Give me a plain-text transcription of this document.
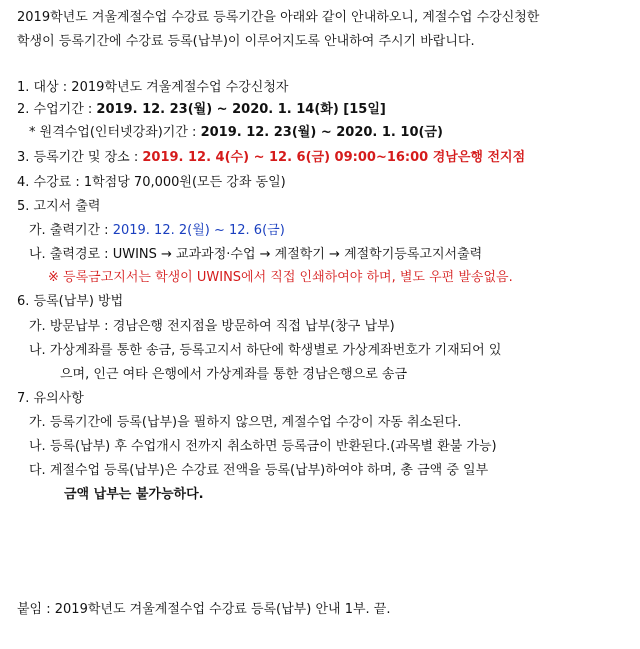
2019학년도 겨울계절수업 수강료 등록기간을 아래와 같이 안내하오니, 계절수업 수강신청한
학생이 등록기간에 수강료 등록(납부)이 이루어지도록 안내하여 주시기 바랍니다.
1. 대상 : 2019학년도 겨울계절수업 수강신청자
2. 수업기간 : 2019. 12. 23(월) ~ 2020. 1. 14(화) [15일]
* 원격수업(인터넷강좌)기간 : 2019. 12. 23(월) ~ 2020. 1. 10(금)
3. 등록기간 및 장소 : 2019. 12. 4(수) ~ 12. 6(금) 09:00~16:00 경남은행 전지점
4. 수강료 : 1학점당 70,000원(모든 강좌 동일)
5. 고지서 출력
가. 출력기간 : 2019. 12. 2(월) ~ 12. 6(금)
나. 출력경로 : UWINS → 교과과정·수업 → 계절학기 → 계절학기등록고지서출력
※ 등록금고지서는 학생이 UWINS에서 직접 인쇄하여야 하며, 별도 우편 발송없음.
6. 등록(납부) 방법
가. 방문납부 : 경남은행 전지점을 방문하여 직접 납부(창구 납부)
나. 가상계좌를 통한 송금, 등록고지서 하단에 학생별로 가상계좌번호가 기재되어 있
으며, 인근 여타 은행에서 가상계좌를 통한 경남은행으로 송금
7. 유의사항
가. 등록기간에 등록(납부)을 필하지 않으면, 계절수업 수강이 자동 취소된다.
나. 등록(납부) 후 수업개시 전까지 취소하면 등록금이 반환된다.(과목별 환불 가능)
다. 계절수업 등록(납부)은 수강료 전액을 등록(납부)하여야 하며, 총 금액 중 일부
금액 납부는 불가능하다.
붙임 : 2019학년도 겨울계절수업 수강료 등록(납부) 안내 1부. 끝.
